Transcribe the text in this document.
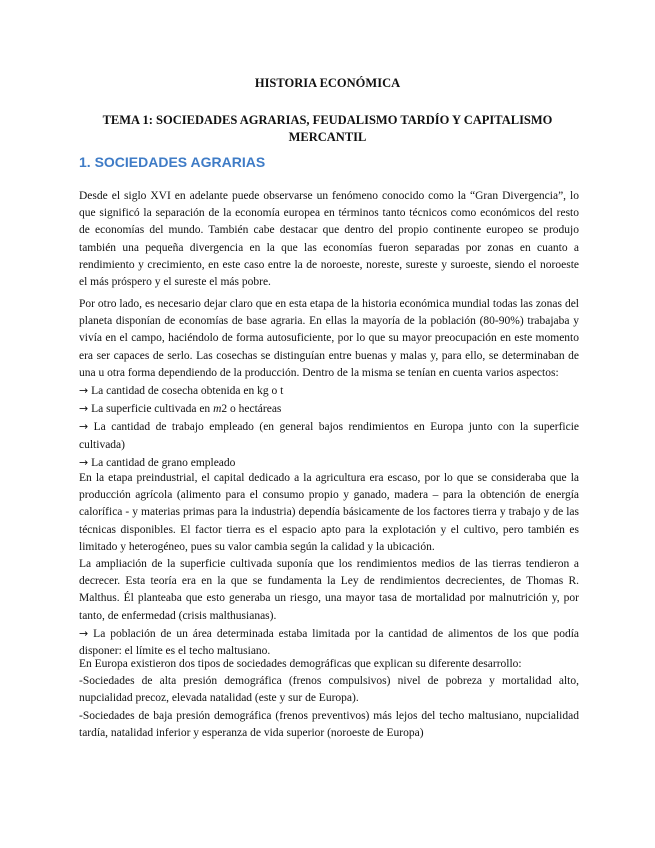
HISTORIA ECONÓMICA
TEMA 1: SOCIEDADES AGRARIAS, FEUDALISMO TARDÍO Y CAPITALISMO MERCANTIL
1. SOCIEDADES AGRARIAS
Desde el siglo XVI en adelante puede observarse un fenómeno conocido como la “Gran Divergencia”, lo que significó la separación de la economía europea en términos tanto técnicos como económicos del resto de economías del mundo. También cabe destacar que dentro del propio continente europeo se produjo también una pequeña divergencia en la que las economías fueron separadas por zonas en cuanto a rendimiento y crecimiento, en este caso entre la de noroeste, noreste, sureste y suroeste, siendo el noroeste el más próspero y el sureste el más pobre.
Por otro lado, es necesario dejar claro que en esta etapa de la historia económica mundial todas las zonas del planeta disponían de economías de base agraria. En ellas la mayoría de la población (80-90%) trabajaba y vivía en el campo, haciéndolo de forma autosuficiente, por lo que su mayor preocupación en este momento era ser capaces de serlo. Las cosechas se distinguían entre buenas y malas y, para ello, se determinaban de una u otra forma dependiendo de la producción. Dentro de la misma se tenían en cuenta varios aspectos:
→ La cantidad de cosecha obtenida en kg o t
→ La superficie cultivada en m2 o hectáreas
→ La cantidad de trabajo empleado (en general bajos rendimientos en Europa junto con la superficie cultivada)
→ La cantidad de grano empleado
En la etapa preindustrial, el capital dedicado a la agricultura era escaso, por lo que se consideraba que la producción agrícola (alimento para el consumo propio y ganado, madera – para la obtención de energía calorífica - y materias primas para la industria) dependía básicamente de los factores tierra y trabajo y de las técnicas disponibles. El factor tierra es el espacio apto para la explotación y el cultivo, pero también es limitado y heterogéneo, pues su valor cambia según la calidad y la ubicación.
La ampliación de la superficie cultivada suponía que los rendimientos medios de las tierras tendieron a decrecer. Esta teoría era en la que se fundamenta la Ley de rendimientos decrecientes, de Thomas R. Malthus. Él planteaba que esto generaba un riesgo, una mayor tasa de mortalidad por malnutrición y, por tanto, de enfermedad (crisis malthusianas).
→ La población de un área determinada estaba limitada por la cantidad de alimentos de los que podía disponer: el límite es el techo maltusiano.
En Europa existieron dos tipos de sociedades demográficas que explican su diferente desarrollo:
-Sociedades de alta presión demográfica (frenos compulsivos) nivel de pobreza y mortalidad alto, nupcialidad precoz, elevada natalidad (este y sur de Europa).
-Sociedades de baja presión demográfica (frenos preventivos) más lejos del techo maltusiano, nupcialidad tardía, natalidad inferior y esperanza de vida superior (noroeste de Europa)
